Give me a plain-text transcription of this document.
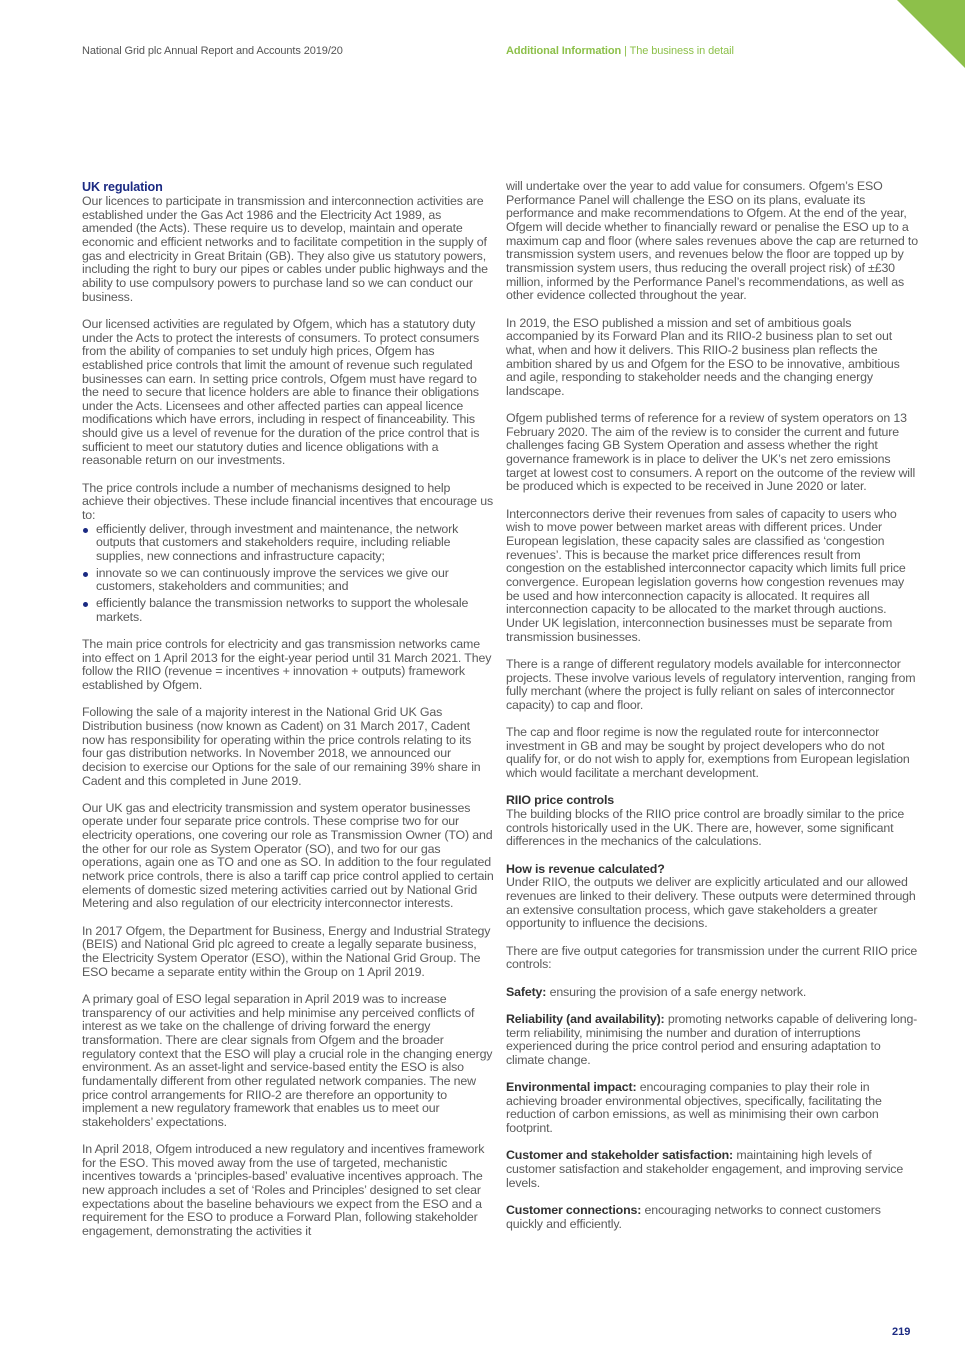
National Grid plc Annual Report and Accounts 2019/20	Additional Information | The business in detail
UK regulation

Our licences to participate in transmission and interconnection activities are established under the Gas Act 1986 and the Electricity Act 1989, as amended (the Acts). These require us to develop, maintain and operate economic and efficient networks and to facilitate competition in the supply of gas and electricity in Great Britain (GB). They also give us statutory powers, including the right to bury our pipes or cables under public highways and the ability to use compulsory powers to purchase land so we can conduct our business.

Our licensed activities are regulated by Ofgem, which has a statutory duty under the Acts to protect the interests of consumers. To protect consumers from the ability of companies to set unduly high prices, Ofgem has established price controls that limit the amount of revenue such regulated businesses can earn. In setting price controls, Ofgem must have regard to the need to secure that licence holders are able to finance their obligations under the Acts. Licensees and other affected parties can appeal licence modifications which have errors, including in respect of financeability. This should give us a level of revenue for the duration of the price control that is sufficient to meet our statutory duties and licence obligations with a reasonable return on our investments.

The price controls include a number of mechanisms designed to help achieve their objectives. These include financial incentives that encourage us to:

efficiently deliver, through investment and maintenance, the network outputs that customers and stakeholders require, including reliable supplies, new connections and infrastructure capacity;
innovate so we can continuously improve the services we give our customers, stakeholders and communities; and
efficiently balance the transmission networks to support the wholesale markets.

The main price controls for electricity and gas transmission networks came into effect on 1 April 2013 for the eight-year period until 31 March 2021. They follow the RIIO (revenue = incentives + innovation + outputs) framework established by Ofgem.

Following the sale of a majority interest in the National Grid UK Gas Distribution business (now known as Cadent) on 31 March 2017, Cadent now has responsibility for operating within the price controls relating to its four gas distribution networks. In November 2018, we announced our decision to exercise our Options for the sale of our remaining 39% share in Cadent and this completed in June 2019.

Our UK gas and electricity transmission and system operator businesses operate under four separate price controls. These comprise two for our electricity operations, one covering our role as Transmission Owner (TO) and the other for our role as System Operator (SO), and two for our gas operations, again one as TO and one as SO. In addition to the four regulated network price controls, there is also a tariff cap price control applied to certain elements of domestic sized metering activities carried out by National Grid Metering and also regulation of our electricity interconnector interests.

In 2017 Ofgem, the Department for Business, Energy and Industrial Strategy (BEIS) and National Grid plc agreed to create a legally separate business, the Electricity System Operator (ESO), within the National Grid Group. The ESO became a separate entity within the Group on 1 April 2019.

A primary goal of ESO legal separation in April 2019 was to increase transparency of our activities and help minimise any perceived conflicts of interest as we take on the challenge of driving forward the energy transformation. There are clear signals from Ofgem and the broader regulatory context that the ESO will play a crucial role in the changing energy environment. As an asset-light and service-based entity the ESO is also fundamentally different from other regulated network companies. The new price control arrangements for RIIO-2 are therefore an opportunity to implement a new regulatory framework that enables us to meet our stakeholders’ expectations.

In April 2018, Ofgem introduced a new regulatory and incentives framework for the ESO. This moved away from the use of targeted, mechanistic incentives towards a ‘principles-based’ evaluative incentives approach. The new approach includes a set of ‘Roles and Principles’ designed to set clear expectations about the baseline behaviours we expect from the ESO and a requirement for the ESO to produce a Forward Plan, following stakeholder engagement, demonstrating the activities it

will undertake over the year to add value for consumers. Ofgem’s ESO Performance Panel will challenge the ESO on its plans, evaluate its performance and make recommendations to Ofgem. At the end of the year, Ofgem will decide whether to financially reward or penalise the ESO up to a maximum cap and floor (where sales revenues above the cap are returned to transmission system users, and revenues below the floor are topped up by transmission system users, thus reducing the overall project risk) of ±£30 million, informed by the Performance Panel’s recommendations, as well as other evidence collected throughout the year.

In 2019, the ESO published a mission and set of ambitious goals accompanied by its Forward Plan and its RIIO-2 business plan to set out what, when and how it delivers. This RIIO-2 business plan reflects the ambition shared by us and Ofgem for the ESO to be innovative, ambitious and agile, responding to stakeholder needs and the changing energy landscape.

Ofgem published terms of reference for a review of system operators on 13 February 2020. The aim of the review is to consider the current and future challenges facing GB System Operation and assess whether the right governance framework is in place to deliver the UK’s net zero emissions target at lowest cost to consumers. A report on the outcome of the review will be produced which is expected to be received in June 2020 or later.

Interconnectors derive their revenues from sales of capacity to users who wish to move power between market areas with different prices. Under European legislation, these capacity sales are classified as ‘congestion revenues’. This is because the market price differences result from congestion on the established interconnector capacity which limits full price convergence. European legislation governs how congestion revenues may be used and how interconnection capacity is allocated. It requires all interconnection capacity to be allocated to the market through auctions. Under UK legislation, interconnection businesses must be separate from transmission businesses.

There is a range of different regulatory models available for interconnector projects. These involve various levels of regulatory intervention, ranging from fully merchant (where the project is fully reliant on sales of interconnector capacity) to cap and floor.

The cap and floor regime is now the regulated route for interconnector investment in GB and may be sought by project developers who do not qualify for, or do not wish to apply for, exemptions from European legislation which would facilitate a merchant development.

RIIO price controls

The building blocks of the RIIO price control are broadly similar to the price controls historically used in the UK. There are, however, some significant differences in the mechanics of the calculations.

How is revenue calculated?

Under RIIO, the outputs we deliver are explicitly articulated and our allowed revenues are linked to their delivery. These outputs were determined through an extensive consultation process, which gave stakeholders a greater opportunity to influence the decisions.

There are five output categories for transmission under the current RIIO price controls:

Safety: ensuring the provision of a safe energy network.

Reliability (and availability): promoting networks capable of delivering long-term reliability, minimising the number and duration of interruptions experienced during the price control period and ensuring adaptation to climate change.

Environmental impact: encouraging companies to play their role in achieving broader environmental objectives, specifically, facilitating the reduction of carbon emissions, as well as minimising their own carbon footprint.

Customer and stakeholder satisfaction: maintaining high levels of customer satisfaction and stakeholder engagement, and improving service levels.

Customer connections: encouraging networks to connect customers quickly and efficiently.

219
